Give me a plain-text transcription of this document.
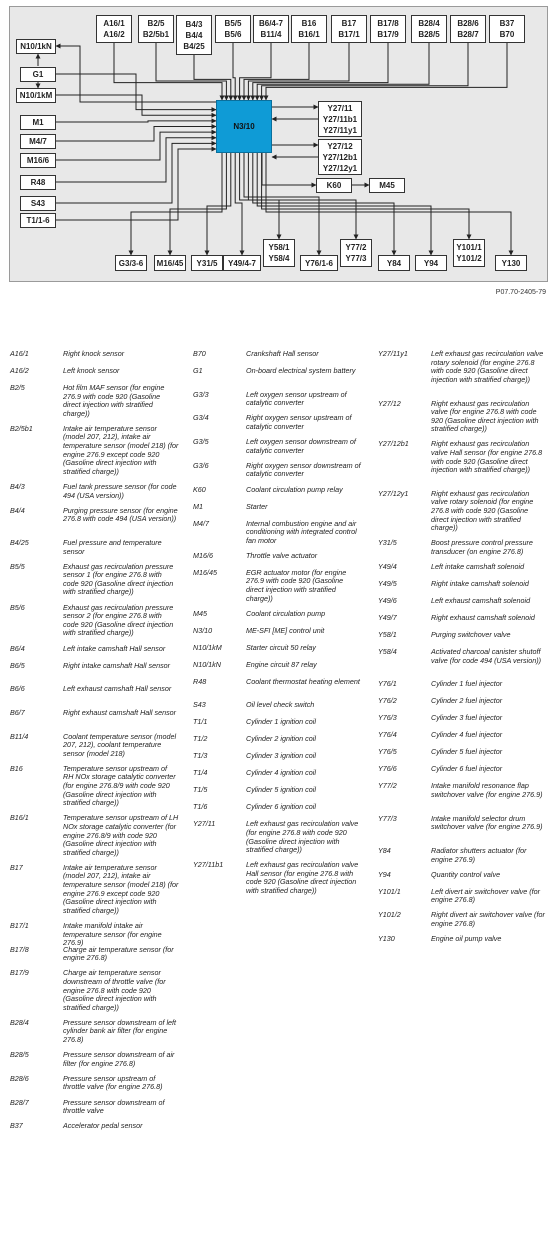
N3/10
A16/1
A16/2
B2/5
B2/5b1
B4/3
B4/4
B4/25
B5/5
B5/6
B6/4-7
B11/4
B16
B16/1
B17
B17/1
B17/8
B17/9
B28/4
B28/5
B28/6
B28/7
B37
B70
N10/1kN
G1
N10/1kM
M1
M4/7
M16/6
R48
S43
T1/1-6
Y27/11
Y27/11b1
Y27/11y1
Y27/12
Y27/12b1
Y27/12y1
K60	M45
G3/3-6 M16/45 Y31/5 Y49/4-7
Y58/1
Y58/4 Y76/1-6
Y77/2
Y77/3	Y84	Y94
Y101/1
Y101/2 Y130
P07.70-2405-79
A16/1	Right knock sensor
A16/2	Left knock sensor
B2/5	Hot film MAF sensor (for engine 276.9 with code 920 (Gasoline direct injection with stratified charge))
B2/5b1	Intake air temperature sensor (model 207, 212), intake air temperature sensor (model 218) (for engine 276.9 except code 920 (Gasoline direct injection with stratified charge))
B4/3	Fuel tank pressure sensor (for code 494 (USA version))
B4/4	Purging pressure sensor (for engine 276.8 with code 494 (USA version))
B4/25	Fuel pressure and temperature sensor
B5/5	Exhaust gas recirculation pressure sensor 1 (for engine 276.8 with code 920 (Gasoline direct injection with stratified charge))
B5/6	Exhaust gas recirculation pressure sensor 2 (for engine 276.8 with code 920 (Gasoline direct injection with stratified charge))
B6/4	Left intake camshaft Hall sensor
B6/5	Right intake camshaft Hall sensor
B6/6	Left exhaust camshaft Hall sensor
B6/7	Right exhaust camshaft Hall sensor
B11/4	Coolant temperature sensor (model 207, 212), coolant temperature sensor (model 218)
B16	Temperature sensor upstream of RH NOx storage catalytic converter (for engine 276.8/9 with code 920 (Gasoline direct injection with stratified charge))
B16/1	Temperature sensor upstream of LH NOx storage catalytic converter (for engine 276.8/9 with code 920 (Gasoline direct injection with stratified charge))
B17	Intake air temperature sensor (model 207, 212), intake air temperature sensor (model 218) (for engine 276.9 except code 920 (Gasoline direct injection with stratified charge))
B17/1	Intake manifold intake air temperature sensor (for engine 276.9)
B17/8	Charge air temperature sensor (for engine 276.8)
B17/9	Charge air temperature sensor downstream of throttle valve (for engine 276.8 with code 920 (Gasoline direct injection with stratified charge))
B28/4	Pressure sensor downstream of left cylinder bank air filter (for engine 276.8)
B28/5	Pressure sensor downstream of air filter (for engine 276.8)
B28/6	Pressure sensor upstream of throttle valve (for engine 276.8)
B28/7	Pressure sensor downstream of throttle valve
B37	Accelerator pedal sensor
B70	Crankshaft Hall sensor
G1	On-board electrical system battery
G3/3	Left oxygen sensor upstream of catalytic converter
G3/4	Right oxygen sensor upstream of catalytic converter
G3/5	Left oxygen sensor downstream of catalytic converter
G3/6	Right oxygen sensor downstream of catalytic converter
K60	Coolant circulation pump relay
M1	Starter
M4/7	Internal combustion engine and air conditioning with integrated control fan motor
M16/6	Throttle valve actuator
M16/45	EGR actuator motor (for engine 276.9 with code 920 (Gasoline direct injection with stratified charge))
M45	Coolant circulation pump
N3/10	ME-SFI [ME] control unit
N10/1kM	Starter circuit 50 relay
N10/1kN	Engine circuit 87 relay
R48	Coolant thermostat heating element
S43	Oil level check switch
T1/1	Cylinder 1 ignition coil
T1/2	Cylinder 2 ignition coil
T1/3	Cylinder 3 ignition coil
T1/4	Cylinder 4 ignition coil
T1/5	Cylinder 5 ignition coil
T1/6	Cylinder 6 ignition coil
Y27/11	Left exhaust gas recirculation valve (for engine 276.8 with code 920 (Gasoline direct injection with stratified charge))
Y27/11b1	Left exhaust gas recirculation valve Hall sensor (for engine 276.8 with code 920 (Gasoline direct injection with stratified charge))
Y27/11y1	Left exhaust gas recirculation valve rotary solenoid (for engine 276.8 with code 920 (Gasoline direct injection with stratified charge))
Y27/12	Right exhaust gas recirculation valve (for engine 276.8 with code 920 (Gasoline direct injection with stratified charge))
Y27/12b1	Right exhaust gas recirculation valve Hall sensor (for engine 276.8 with code 920 (Gasoline direct injection with stratified charge))
Y27/12y1	Right exhaust gas recirculation valve rotary solenoid (for engine 276.8 with code 920 (Gasoline direct injection with stratified charge))
Y31/5	Boost pressure control pressure transducer (on engine 276.8)
Y49/4	Left intake camshaft solenoid
Y49/5	Right intake camshaft solenoid
Y49/6	Left exhaust camshaft solenoid
Y49/7	Right exhaust camshaft solenoid
Y58/1	Purging switchover valve
Y58/4	Activated charcoal canister shutoff valve (for code 494 (USA version))
Y76/1	Cylinder 1 fuel injector
Y76/2	Cylinder 2 fuel injector
Y76/3	Cylinder 3 fuel injector
Y76/4	Cylinder 4 fuel injector
Y76/5	Cylinder 5 fuel injector
Y76/6	Cylinder 6 fuel injector
Y77/2	Intake manifold resonance flap switchover valve (for engine 276.9)
Y77/3	Intake manifold selector drum switchover valve (for engine 276.9)
Y84	Radiator shutters actuator (for engine 276.9)
Y94	Quantity control valve
Y101/1	Left divert air switchover valve (for engine 276.8)
Y101/2	Right divert air switchover valve (for engine 276.8)
Y130	Engine oil pump valve
